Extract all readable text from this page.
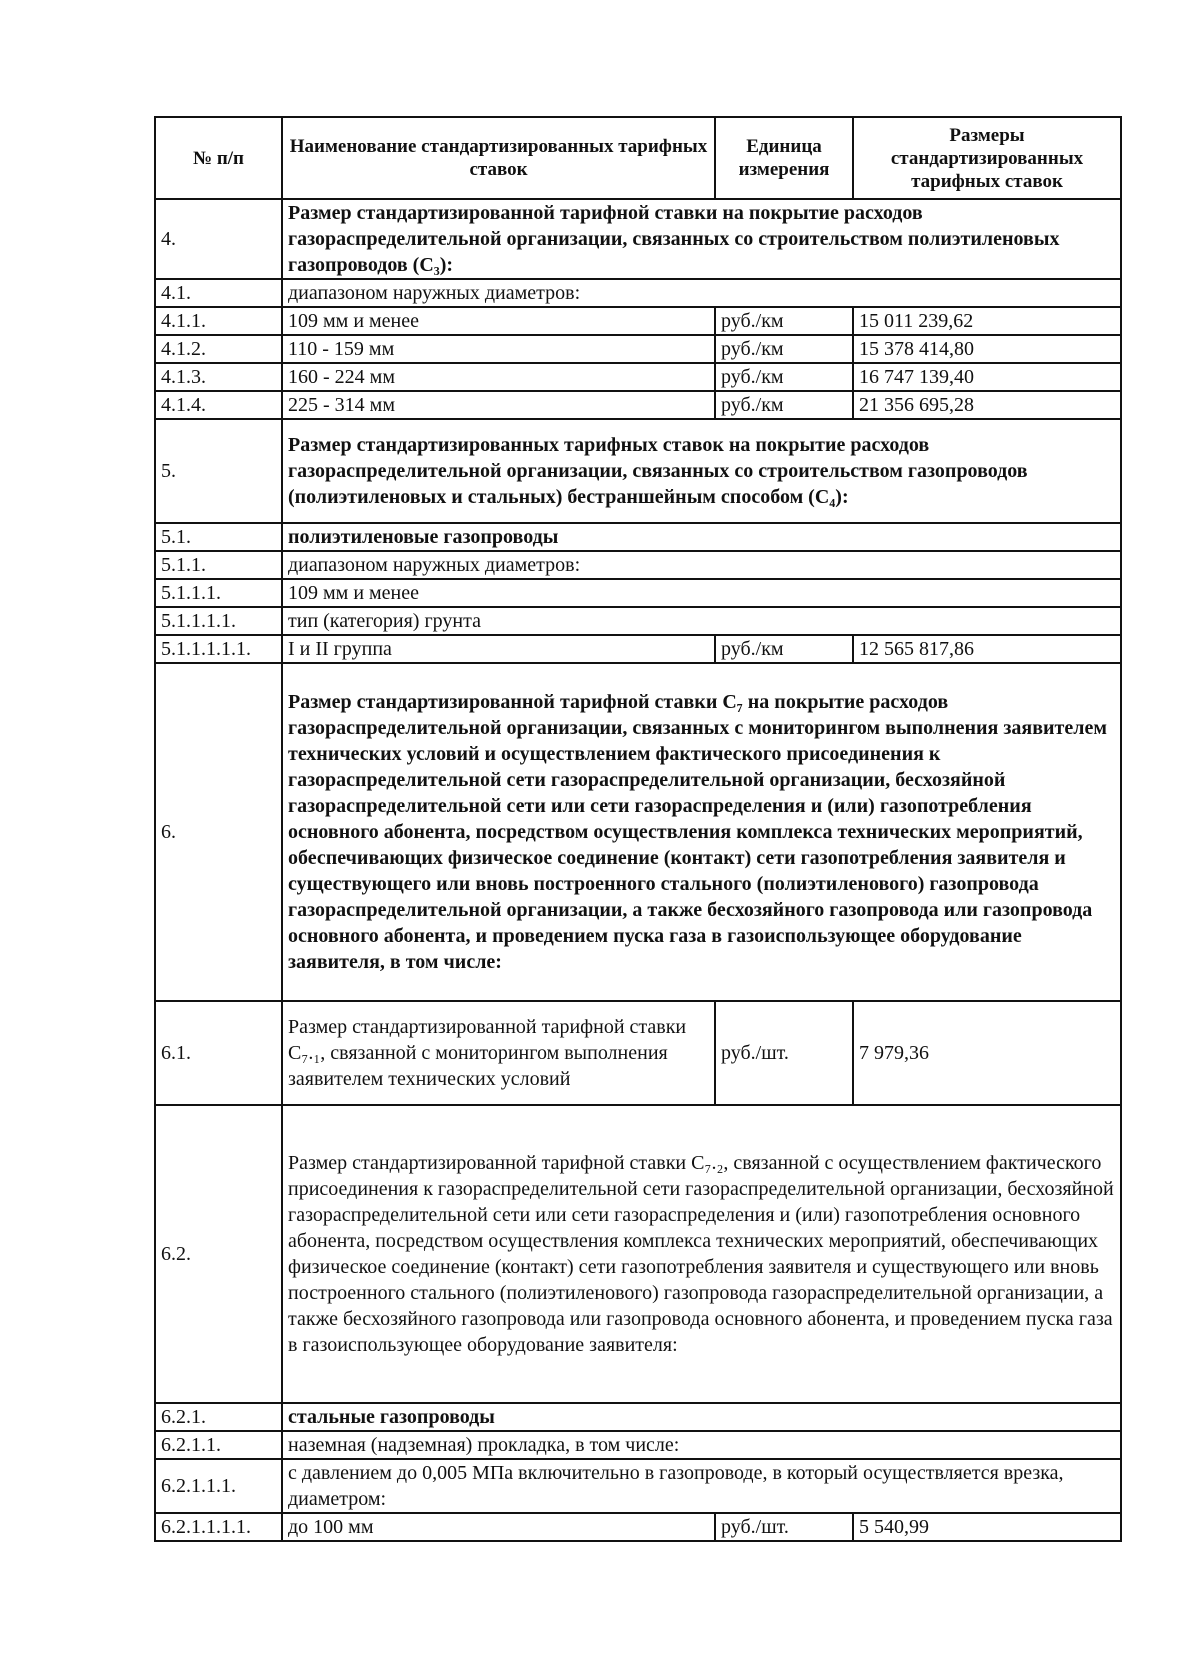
№ п/п	Наименование стандартизированных тарифных ставок	Единица измерения	Размеры стандартизированных тарифных ставок
4.	Размер стандартизированной тарифной ставки на покрытие расходов газораспределительной организации, связанных со строительством полиэтиленовых газопроводов (С₃):		
4.1.	диапазоном наружных диаметров:		
4.1.1.	109 мм и менее	руб./км	15 011 239,62
4.1.2.	110 - 159 мм	руб./км	15 378 414,80
4.1.3.	160 - 224 мм	руб./км	16 747 139,40
4.1.4.	225 - 314 мм	руб./км	21 356 695,28
5.	Размер стандартизированных тарифных ставок на покрытие расходов газораспределительной организации, связанных со строительством газопроводов (полиэтиленовых и стальных) бестраншейным способом (С₄):		
5.1.	полиэтиленовые газопроводы		
5.1.1.	диапазоном наружных диаметров:		
5.1.1.1.	109 мм и менее		
5.1.1.1.1.	тип (категория) грунта		
5.1.1.1.1.1.	I и II группа	руб./км	12 565 817,86
6.	Размер стандартизированной тарифной ставки С₇ на покрытие расходов газораспределительной организации, связанных с мониторингом выполнения заявителем технических условий и осуществлением фактического присоединения к газораспределительной сети газораспределительной организации, бесхозяйной газораспределительной сети или сети газораспределения и (или) газопотребления основного абонента, посредством осуществления комплекса технических мероприятий, обеспечивающих физическое соединение (контакт) сети газопотребления заявителя и существующего или вновь построенного стального (полиэтиленового) газопровода газораспределительной организации, а также бесхозяйного газопровода или газопровода основного абонента, и проведением пуска газа в газоиспользующее оборудование заявителя, в том числе:		
6.1.	Размер стандартизированной тарифной ставки С₇.₁, связанной с мониторингом выполнения заявителем технических условий	руб./шт.	7 979,36
6.2.	Размер стандартизированной тарифной ставки С₇.₂, связанной с осуществлением фактического присоединения к газораспределительной сети газораспределительной организации, бесхозяйной газораспределительной сети или сети газораспределения и (или) газопотребления основного абонента, посредством осуществления комплекса технических мероприятий, обеспечивающих физическое соединение (контакт) сети газопотребления заявителя и существующего или вновь построенного стального (полиэтиленового) газопровода газораспределительной организации, а также бесхозяйного газопровода или газопровода основного абонента, и проведением пуска газа в газоиспользующее оборудование заявителя:		
6.2.1.	стальные газопроводы		
6.2.1.1.	наземная (надземная) прокладка, в том числе:		
6.2.1.1.1.	с давлением до 0,005 МПа включительно в газопроводе, в который осуществляется врезка, диаметром:		
6.2.1.1.1.1.	до 100 мм	руб./шт.	5 540,99
